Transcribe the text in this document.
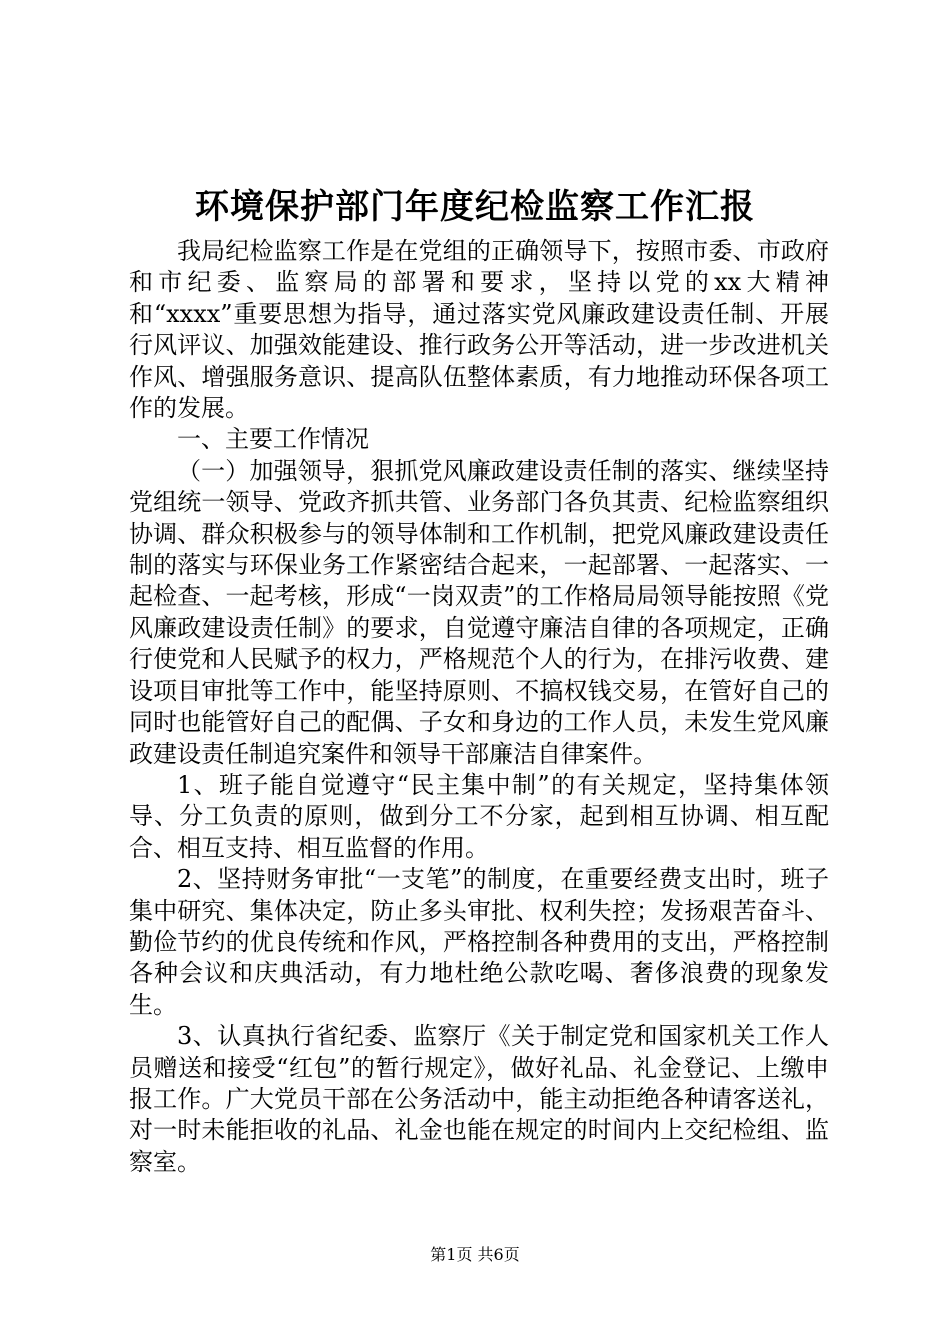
环境保护部门年度纪检监察工作汇报

我局纪检监察工作是在党组的正确领导下，按照市委、市政府和市纪委、监察局的部署和要求，坚持以党的xx大精神和“xxxx”重要思想为指导，通过落实党风廉政建设责任制、开展行风评议、加强效能建设、推行政务公开等活动，进一步改进机关作风、增强服务意识、提高队伍整体素质，有力地推动环保各项工作的发展。

一、主要工作情况

（一）加强领导，狠抓党风廉政建设责任制的落实、继续坚持党组统一领导、党政齐抓共管、业务部门各负其责、纪检监察组织协调、群众积极参与的领导体制和工作机制，把党风廉政建设责任制的落实与环保业务工作紧密结合起来，一起部署、一起落实、一起检查、一起考核，形成“一岗双责”的工作格局局领导能按照《党风廉政建设责任制》的要求，自觉遵守廉洁自律的各项规定，正确行使党和人民赋予的权力，严格规范个人的行为，在排污收费、建设项目审批等工作中，能坚持原则、不搞权钱交易，在管好自己的同时也能管好自己的配偶、子女和身边的工作人员，未发生党风廉政建设责任制追究案件和领导干部廉洁自律案件。

1、班子能自觉遵守“民主集中制”的有关规定，坚持集体领导、分工负责的原则，做到分工不分家，起到相互协调、相互配合、相互支持、相互监督的作用。

2、坚持财务审批“一支笔”的制度，在重要经费支出时，班子集中研究、集体决定，防止多头审批、权利失控；发扬艰苦奋斗、勤俭节约的优良传统和作风，严格控制各种费用的支出，严格控制各种会议和庆典活动，有力地杜绝公款吃喝、奢侈浪费的现象发生。

3、认真执行省纪委、监察厅《关于制定党和国家机关工作人员赠送和接受“红包”的暂行规定》，做好礼品、礼金登记、上缴申报工作。广大党员干部在公务活动中，能主动拒绝各种请客送礼，对一时未能拒收的礼品、礼金也能在规定的时间内上交纪检组、监察室。

第1页 共6页
